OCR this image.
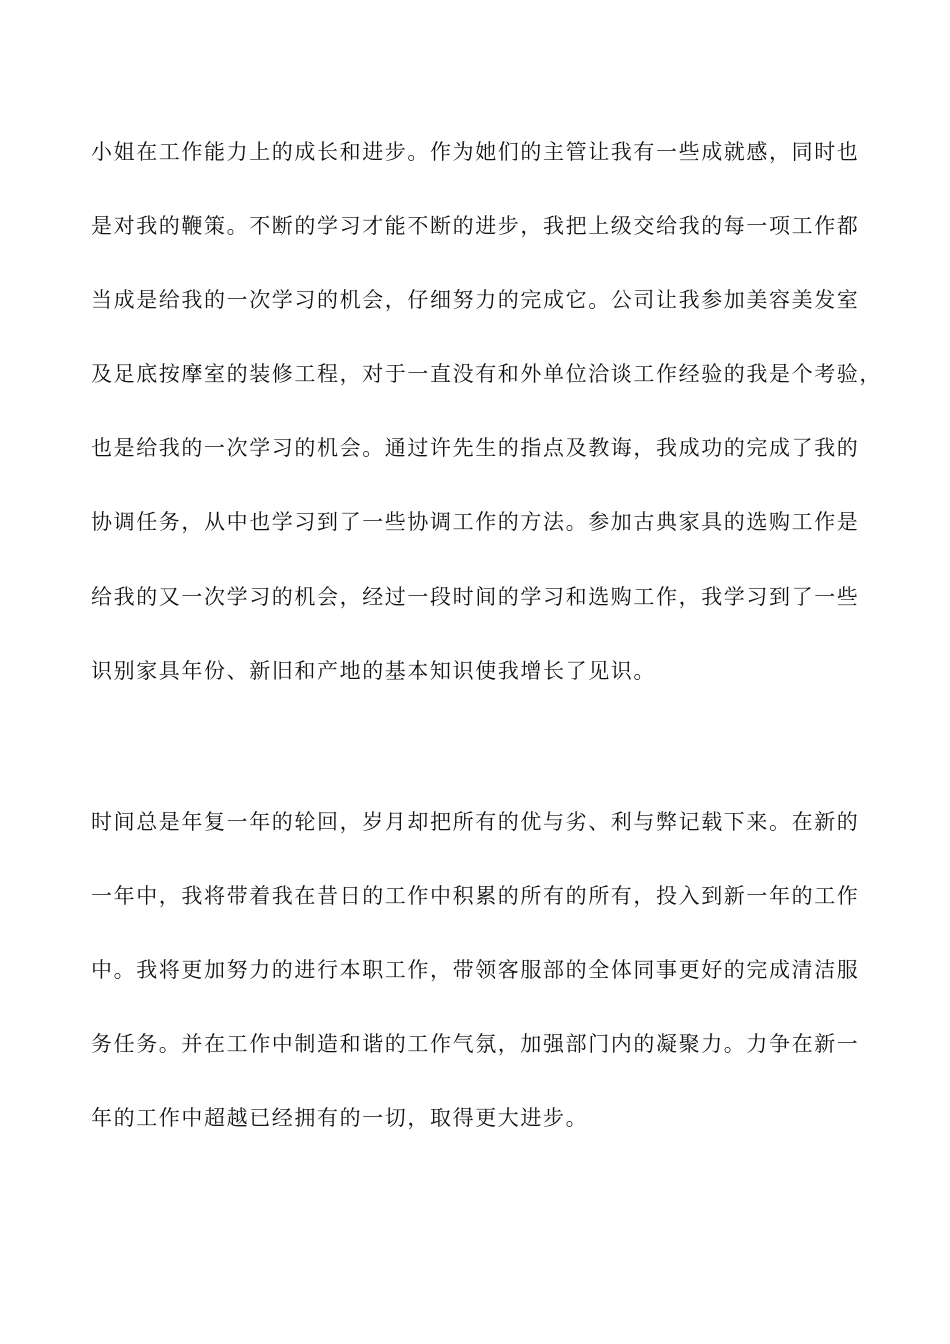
小姐在工作能力上的成长和进步。作为她们的主管让我有一些成就感，同时也
是对我的鞭策。不断的学习才能不断的进步，我把上级交给我的每一项工作都
当成是给我的一次学习的机会，仔细努力的完成它。公司让我参加美容美发室
及足底按摩室的装修工程，对于一直没有和外单位洽谈工作经验的我是个考验，
也是给我的一次学习的机会。通过许先生的指点及教诲，我成功的完成了我的
协调任务，从中也学习到了一些协调工作的方法。参加古典家具的选购工作是
给我的又一次学习的机会，经过一段时间的学习和选购工作，我学习到了一些
识别家具年份、新旧和产地的基本知识使我增长了见识。
时间总是年复一年的轮回，岁月却把所有的优与劣、利与弊记载下来。在新的
一年中，我将带着我在昔日的工作中积累的所有的所有，投入到新一年的工作
中。我将更加努力的进行本职工作，带领客服部的全体同事更好的完成清洁服
务任务。并在工作中制造和谐的工作气氛，加强部门内的凝聚力。力争在新一
年的工作中超越已经拥有的一切，取得更大进步。
